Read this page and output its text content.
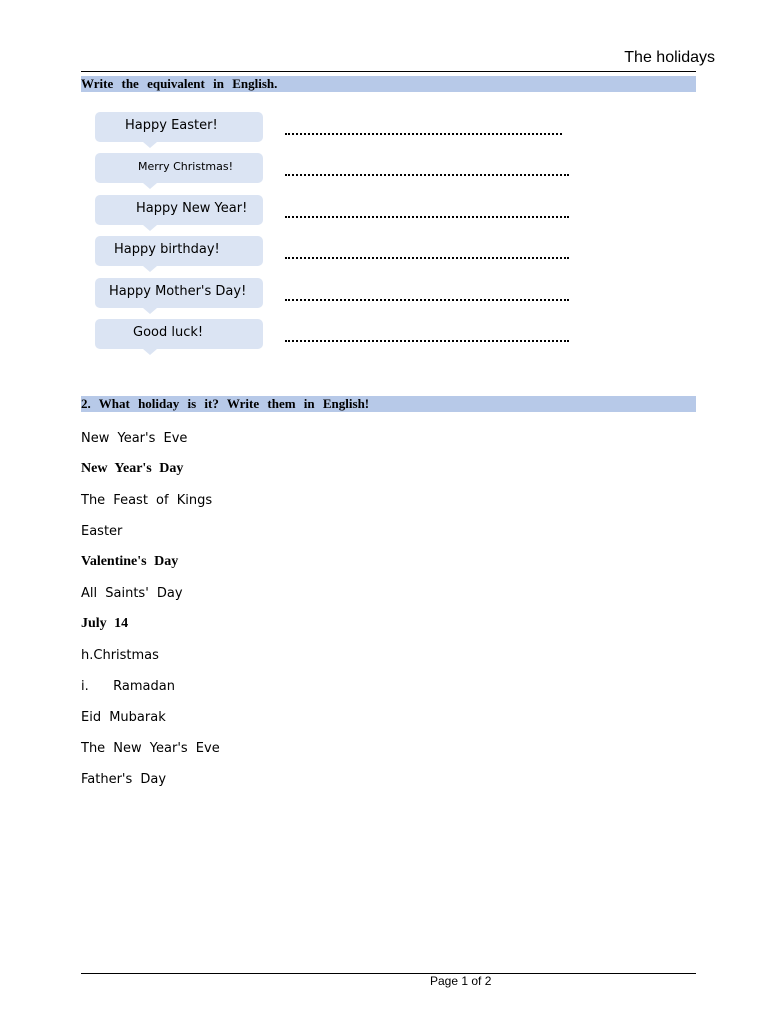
The holidays
Write the equivalent in English.
Happy Easter!
Merry Christmas!
Happy New Year!
Happy birthday!
Happy Mother's Day!
Good luck!
2. What holiday is it? Write them in English!
New Year's Eve
New Year's Day
The Feast of Kings
Easter
Valentine's Day
All Saints' Day
July 14
h.Christmas
i.   Ramadan
Eid Mubarak
The New Year's Eve
Father's Day
Page 1 of 2
